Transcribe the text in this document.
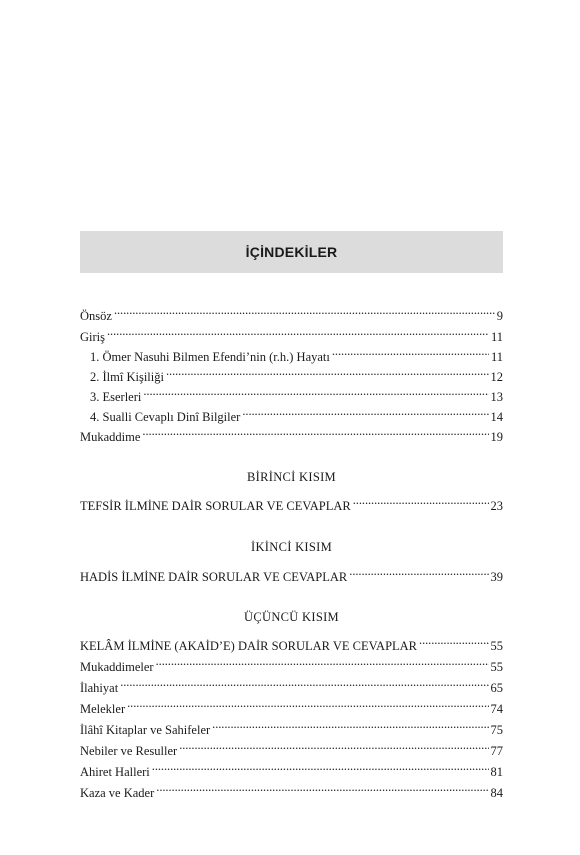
İÇİNDEKİLER
Önsöz . . .	9
Giriş . . .	11
1. Ömer Nasuhi Bilmen Efendi’nin (r.h.) Hayatı . . .	11
2. İlmî Kişiliği . . .	12
3. Eserleri . . .	13
4. Sualli Cevaplı Dinî Bilgiler . . .	14
Mukaddime . . .	19
BİRİNCİ KISIM
TEFSİR İLMİNE DAİR SORULAR VE CEVAPLAR . . .	23
İKİNCİ KISIM
HADİS İLMİNE DAİR SORULAR VE CEVAPLAR . . .	39
ÜÇÜNCÜ KISIM
KELÂM İLMİNE (AKAİD’E) DAİR SORULAR VE CEVAPLAR . . .	55
Mukaddimeler . . .	55
İlahiyat . . .	65
Melekler . . .	74
İlâhî Kitaplar ve Sahifeler . . .	75
Nebiler ve Resuller . . .	77
Ahiret Halleri . . .	81
Kaza ve Kader . . .	84
